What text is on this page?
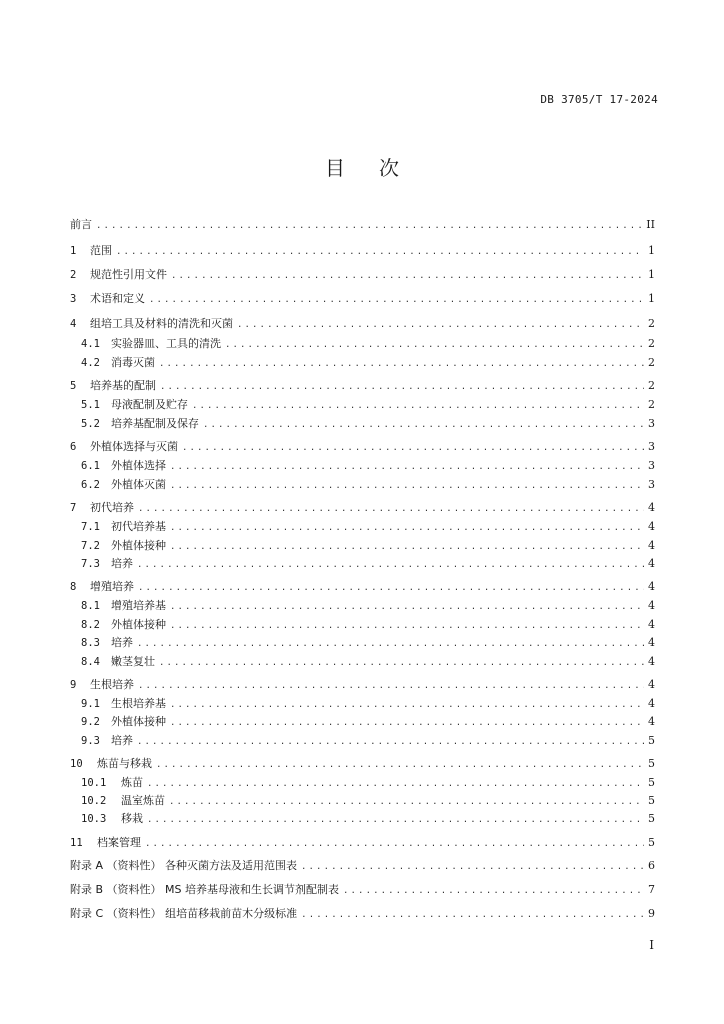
DB 3705/T 17-2024
目 次
前言 .....	II
1	范围 .....	1
2	规范性引用文件 .....	1
3	术语和定义 .....	1
4	组培工具及材料的清洗和灭菌 .....	2
4.1	实验器皿、工具的清洗 .....	2
4.2	消毒灭菌 .....	2
5	培养基的配制 .....	2
5.1	母液配制及贮存 .....	2
5.2	培养基配制及保存 .....	3
6	外植体选择与灭菌 .....	3
6.1	外植体选择 .....	3
6.2	外植体灭菌 .....	3
7	初代培养 .....	4
7.1	初代培养基 .....	4
7.2	外植体接种 .....	4
7.3	培养 .....	4
8	增殖培养 .....	4
8.1	增殖培养基 .....	4
8.2	外植体接种 .....	4
8.3	培养 .....	4
8.4	嫩茎复壮 .....	4
9	生根培养 .....	4
9.1	生根培养基 .....	4
9.2	外植体接种 .....	4
9.3	培养 .....	5
10	炼苗与移栽 .....	5
10.1	炼苗 .....	5
10.2	温室炼苗 .....	5
10.3	移栽 .....	5
11	档案管理 .....	5
附录 A （资料性） 各种灭菌方法及适用范围表 .....	6
附录 B （资料性） MS 培养基母液和生长调节剂配制表 .....	7
附录 C （资料性） 组培苗移栽前苗木分级标准 .....	9
I
